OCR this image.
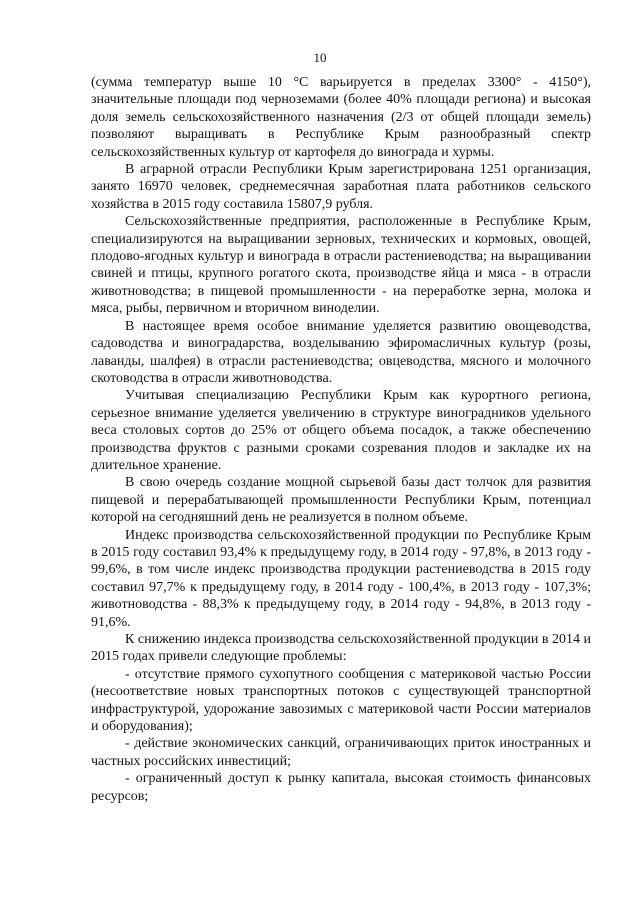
10

(сумма температур выше 10 °С варьируется в пределах 3300° - 4150°), значительные площади под черноземами (более 40% площади региона) и высокая доля земель сельскохозяйственного назначения (2/3 от общей площади земель) позволяют выращивать в Республике Крым разнообразный спектр сельскохозяйственных культур от картофеля до винограда и хурмы.

В аграрной отрасли Республики Крым зарегистрирована 1251 организация, занято 16970 человек, среднемесячная заработная плата работников сельского хозяйства в 2015 году составила 15807,9 рубля.

Сельскохозяйственные предприятия, расположенные в Республике Крым, специализируются на выращивании зерновых, технических и кормовых, овощей, плодово-ягодных культур и винограда в отрасли растениеводства; на выращивании свиней и птицы, крупного рогатого скота, производстве яйца и мяса - в отрасли животноводства; в пищевой промышленности - на переработке зерна, молока и мяса, рыбы, первичном и вторичном виноделии.

В настоящее время особое внимание уделяется развитию овощеводства, садоводства и виноградарства, возделыванию эфиромасличных культур (розы, лаванды, шалфея) в отрасли растениеводства; овцеводства, мясного и молочного скотоводства в отрасли животноводства.

Учитывая специализацию Республики Крым как курортного региона, серьезное внимание уделяется увеличению в структуре виноградников удельного веса столовых сортов до 25% от общего объема посадок, а также обеспечению производства фруктов с разными сроками созревания плодов и закладке их на длительное хранение.

В свою очередь создание мощной сырьевой базы даст толчок для развития пищевой и перерабатывающей промышленности Республики Крым, потенциал которой на сегодняшний день не реализуется в полном объеме.

Индекс производства сельскохозяйственной продукции по Республике Крым в 2015 году составил 93,4% к предыдущему году, в 2014 году - 97,8%, в 2013 году - 99,6%, в том числе индекс производства продукции растениеводства в 2015 году составил 97,7% к предыдущему году, в 2014 году - 100,4%, в 2013 году - 107,3%; животноводства - 88,3% к предыдущему году, в 2014 году - 94,8%, в 2013 году - 91,6%.

К снижению индекса производства сельскохозяйственной продукции в 2014 и 2015 годах привели следующие проблемы:

- отсутствие прямого сухопутного сообщения с материковой частью России (несоответствие новых транспортных потоков с существующей транспортной инфраструктурой, удорожание завозимых с материковой части России материалов и оборудования);

- действие экономических санкций, ограничивающих приток иностранных и частных российских инвестиций;

- ограниченный доступ к рынку капитала, высокая стоимость финансовых ресурсов;
